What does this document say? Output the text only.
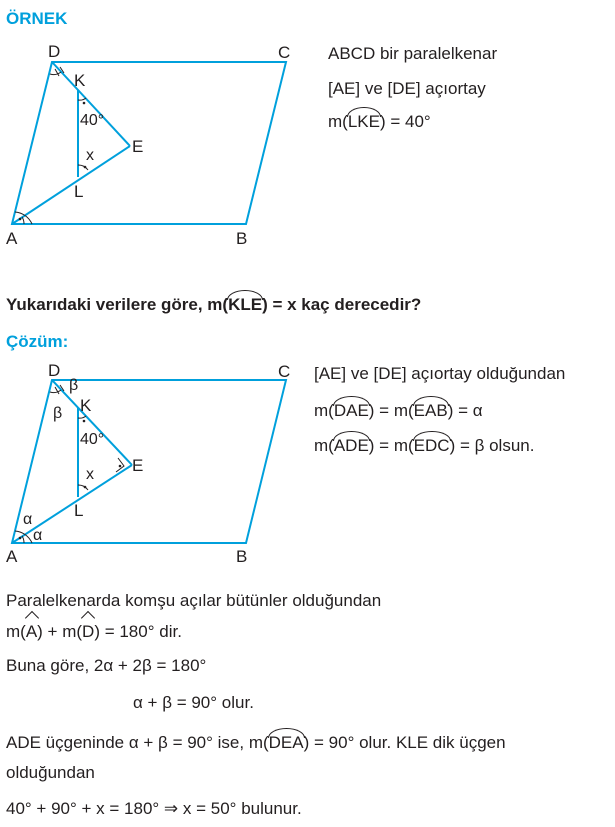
ÖRNEK
D	C
K
40°
E
x
L
A	B
ABCD bir paralelkenar
[AE] ve [DE] açıortay
m(LKE) = 40°
Yukarıdaki verilere göre, m(KLE) = x kaç derecedir?
Çözüm:
D	C
β
β K
40°
E
x
L
α
α
A	B
[AE] ve [DE] açıortay olduğundan
m(DAE) = m(EAB) = α
m(ADE) = m(EDC) = β olsun.
Paralelkenarda komşu açılar bütünler olduğundan
m(A) + m(D) = 180° dir.
Buna göre, 2α + 2β = 180°
α + β = 90° olur.
ADE üçgeninde α + β = 90° ise, m(DEA) = 90° olur. KLE dik üçgen
olduğundan
40° + 90° + x = 180° ⇒ x = 50° bulunur.
